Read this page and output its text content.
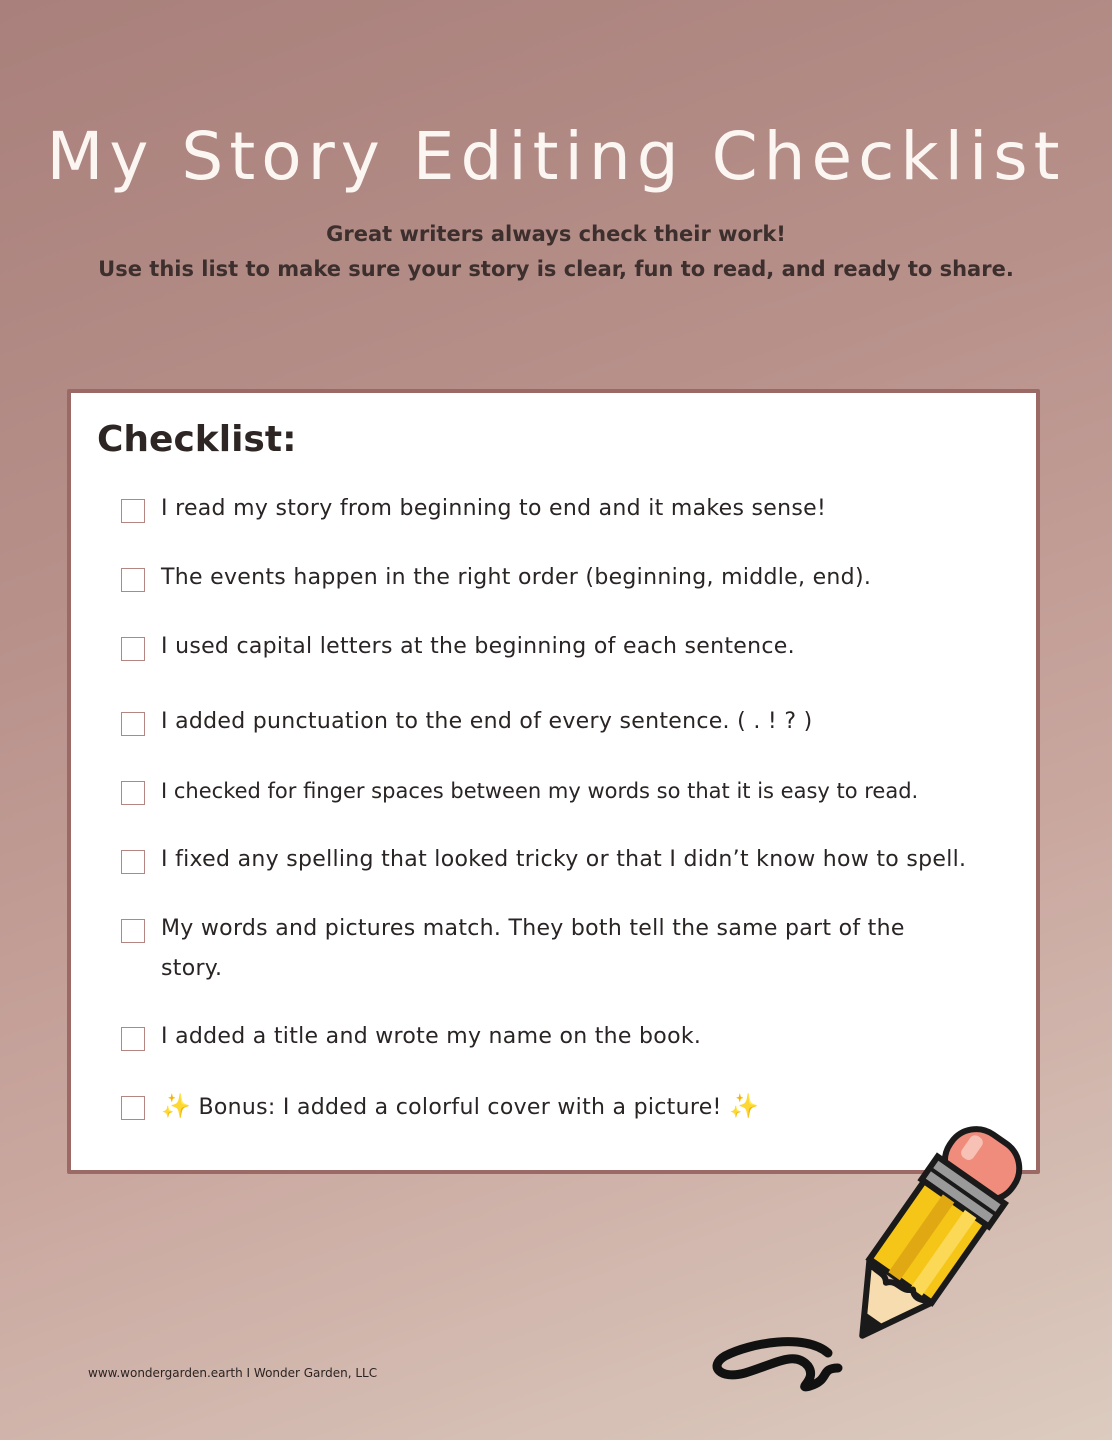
My Story Editing Checklist

Great writers always check their work!

Use this list to make sure your story is clear, fun to read, and ready to share.

Checklist:
I read my story from beginning to end and it makes sense!
The events happen in the right order (beginning, middle, end).
I used capital letters at the beginning of each sentence.
I added punctuation to the end of every sentence. ( . ! ? )
I checked for finger spaces between my words so that it is easy to read.
I fixed any spelling that looked tricky or that I didn’t know how to spell.
My words and pictures match. They both tell the same part of the story.
I added a title and wrote my name on the book.
✨ Bonus: I added a colorful cover with a picture! ✨
www.wondergarden.earth I Wonder Garden, LLC
